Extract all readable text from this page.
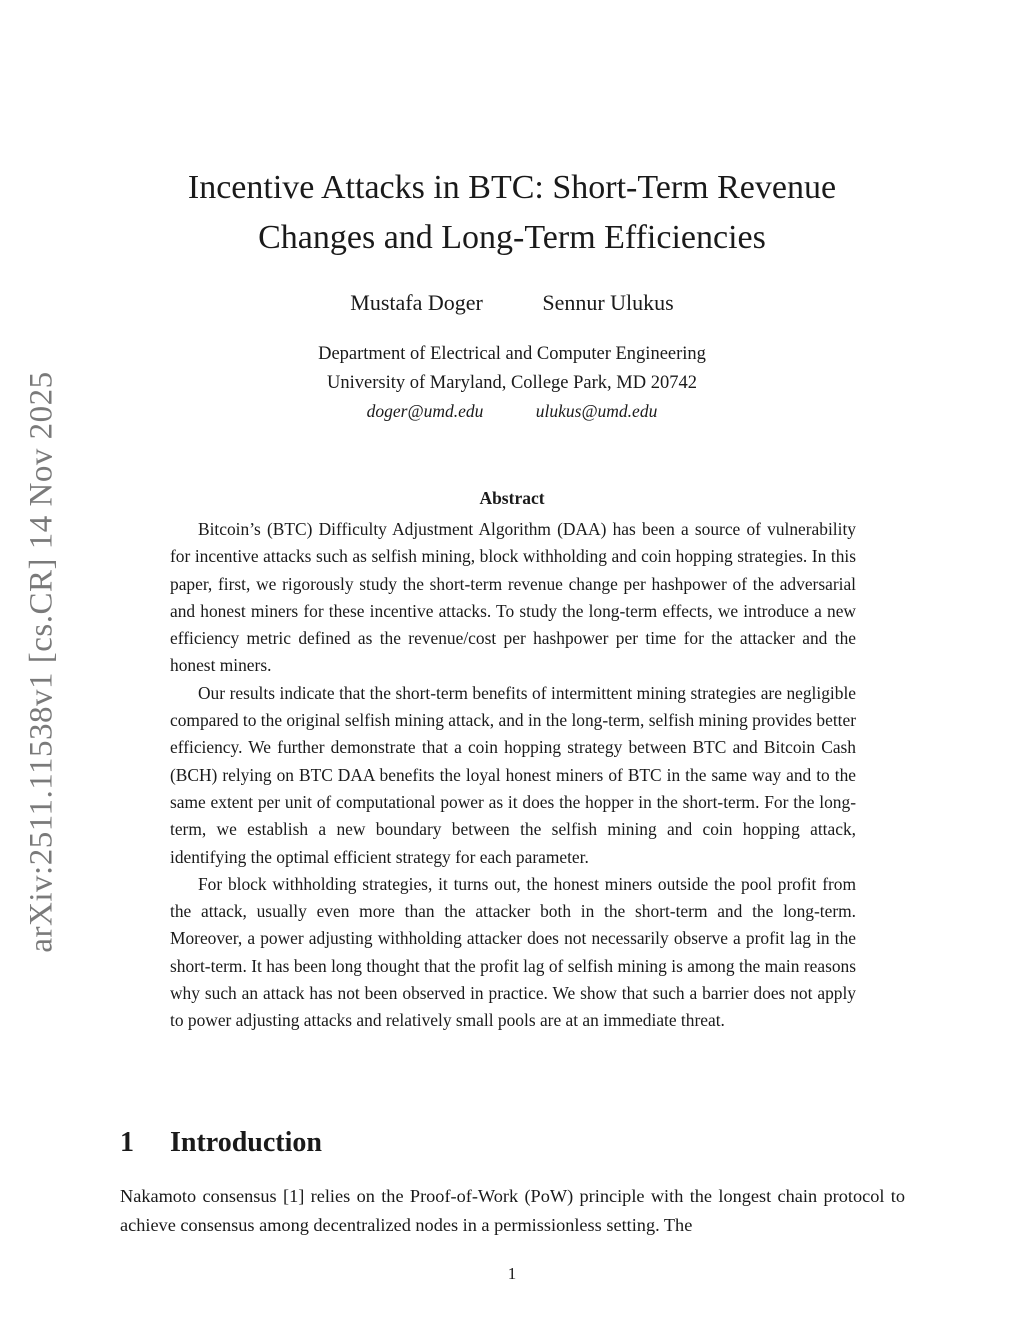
arXiv:2511.11538v1 [cs.CR] 14 Nov 2025
Incentive Attacks in BTC: Short-Term Revenue
Changes and Long-Term Efficiencies
Mustafa Doger	Sennur Ulukus
Department of Electrical and Computer Engineering
University of Maryland, College Park, MD 20742
doger@umd.edu	ulukus@umd.edu
Abstract

Bitcoin’s (BTC) Difficulty Adjustment Algorithm (DAA) has been a source of vulnerability for incentive attacks such as selfish mining, block withholding and coin hopping strategies. In this paper, first, we rigorously study the short-term revenue change per hashpower of the adversarial and honest miners for these incentive attacks. To study the long-term effects, we introduce a new efficiency metric defined as the revenue/cost per hashpower per time for the attacker and the honest miners.

Our results indicate that the short-term benefits of intermittent mining strategies are negligible compared to the original selfish mining attack, and in the long-term, selfish mining provides better efficiency. We further demonstrate that a coin hopping strategy between BTC and Bitcoin Cash (BCH) relying on BTC DAA benefits the loyal honest miners of BTC in the same way and to the same extent per unit of computational power as it does the hopper in the short-term. For the long-term, we establish a new boundary between the selfish mining and coin hopping attack, identifying the optimal efficient strategy for each parameter.

For block withholding strategies, it turns out, the honest miners outside the pool profit from the attack, usually even more than the attacker both in the short-term and the long-term. Moreover, a power adjusting withholding attacker does not necessarily observe a profit lag in the short-term. It has been long thought that the profit lag of selfish mining is among the main reasons why such an attack has not been observed in practice. We show that such a barrier does not apply to power adjusting attacks and relatively small pools are at an immediate threat.

1 Introduction

Nakamoto consensus [1] relies on the Proof-of-Work (PoW) principle with the longest chain protocol to achieve consensus among decentralized nodes in a permissionless setting. The

1
